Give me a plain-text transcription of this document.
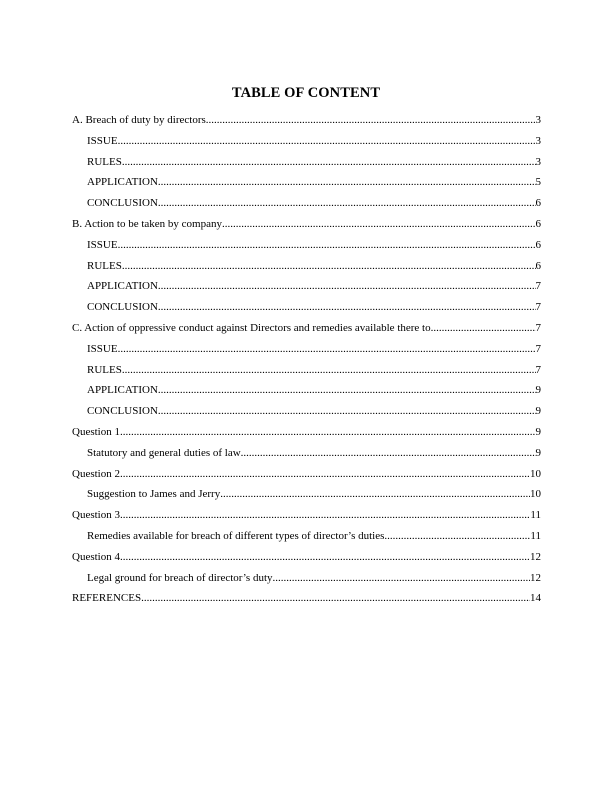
TABLE OF CONTENT
A. Breach of duty by directors .....	3
ISSUE .....	3
RULES .....	3
APPLICATION .....	5
CONCLUSION .....	6
B. Action to be taken by company .....	6
ISSUE .....	6
RULES .....	6
APPLICATION .....	7
CONCLUSION .....	7
C. Action of oppressive conduct against Directors and remedies available there to .....	7
ISSUE .....	7
RULES .....	7
APPLICATION .....	9
CONCLUSION .....	9
Question 1 .....	9
Statutory and general duties of law .....	9
Question 2 .....	10
Suggestion to James and Jerry .....	10
Question 3 .....	11
Remedies available for breach of different types of director’s duties .....	11
Question 4 .....	12
Legal ground for breach of director’s duty .....	12
REFERENCES .....	14
